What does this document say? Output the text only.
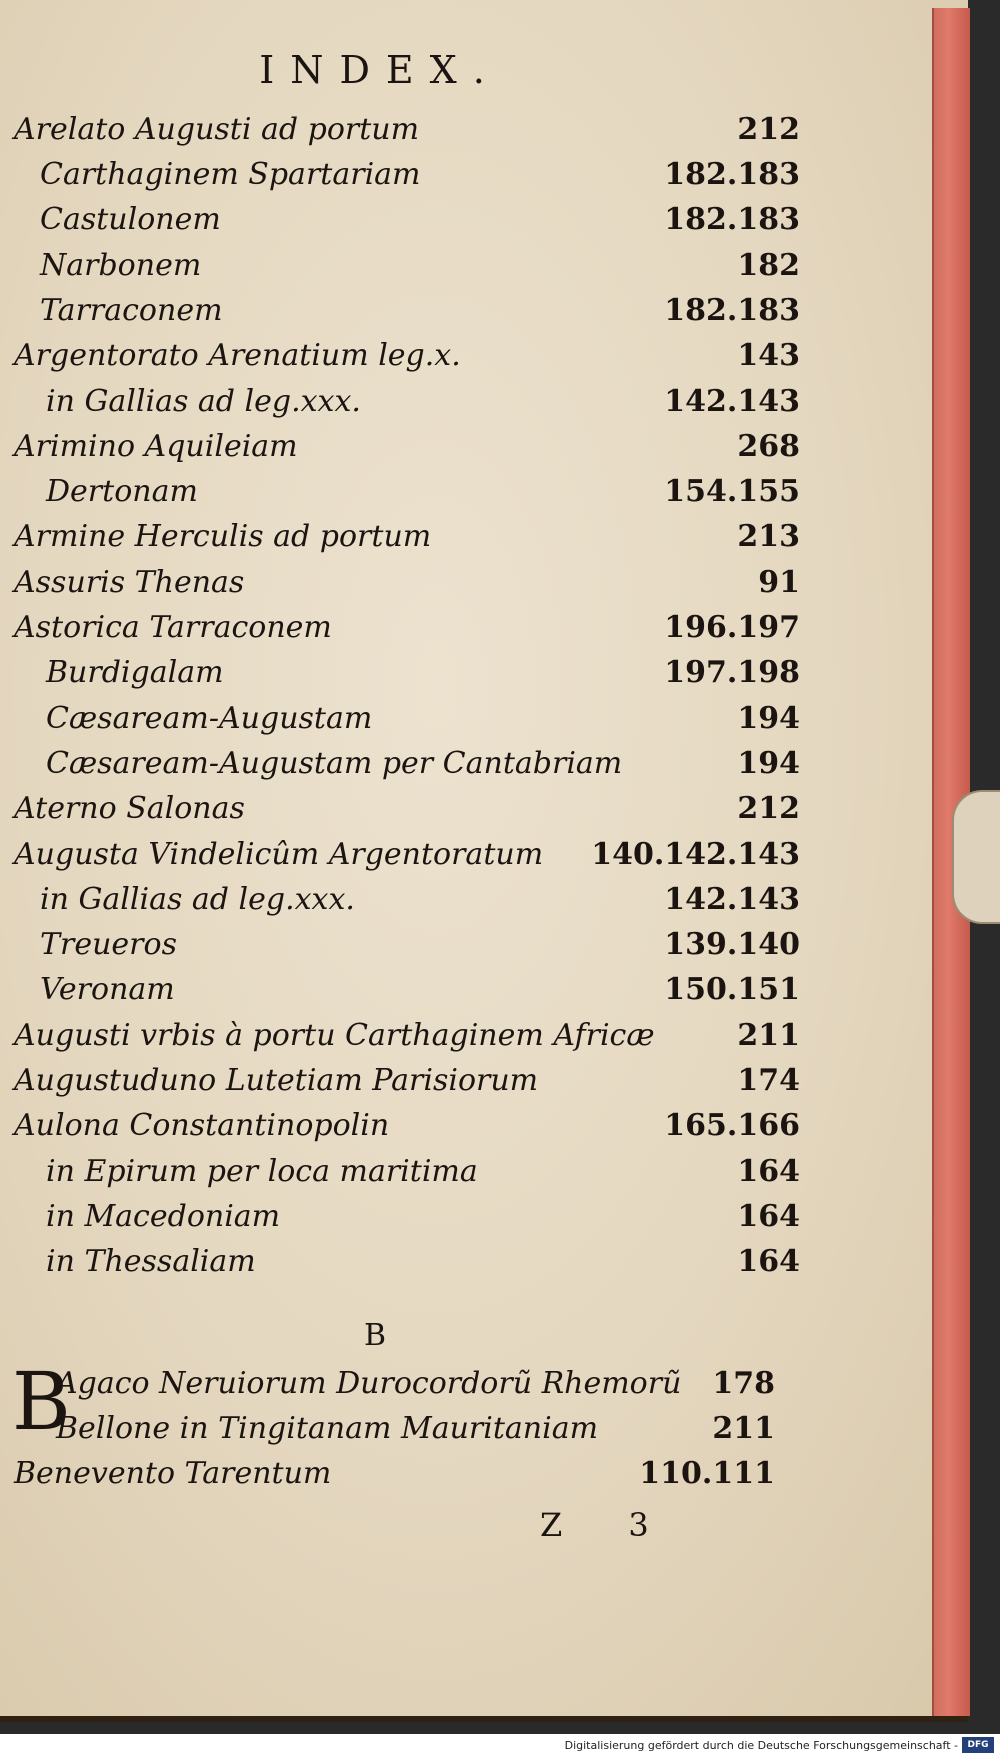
INDEX.
Arelato Augusti ad portum	212
Carthaginem Spartariam	182.183
Castulonem	182.183
Narbonem	182
Tarraconem	182.183
Argentorato Arenatium leg.x.	143
in Gallias ad leg.xxx.	142.143
Arimino Aquileiam	268
Dertonam	154.155
Armine Herculis ad portum	213
Assuris Thenas	91
Astorica Tarraconem	196.197
Burdigalam	197.198
Cæsaream-Augustam	194
Cæsaream-Augustam per Cantabriam	194
Aterno Salonas	212
Augusta Vindelicûm Argentoratum 140.142.143
in Gallias ad leg.xxx.	142.143
Treueros	139.140
Veronam	150.151
Augusti vrbis à portu Carthaginem Africæ	211
Augustuduno Lutetiam Parisiorum	174
Aulona Constantinopolin	165.166
in Epirum per loca maritima	164
in Macedoniam	164
in Thessaliam	164
B
B
Agaco Neruiorum Durocordorũ Rhemorũ 178
Bellone in Tingitanam Mauritaniam	211
Benevento Tarentum	110.111
Z 3
Digitalisierung gefördert durch die Deutsche Forschungsgemeinschaft -	DFG
